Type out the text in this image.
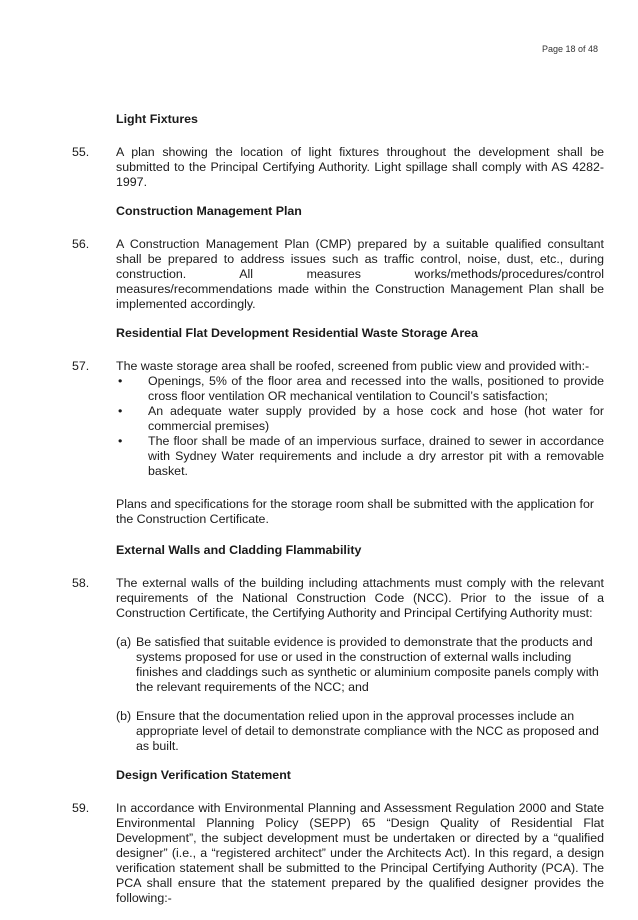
Page 18 of 48
Light Fixtures
55.	A plan showing the location of light fixtures throughout the development shall be submitted to the Principal Certifying Authority. Light spillage shall comply with AS 4282-1997.

Construction Management Plan
56.	A Construction Management Plan (CMP) prepared by a suitable qualified consultant shall be prepared to address issues such as traffic control, noise, dust, etc., during construction. All measures works/methods/procedures/control measures/recommendations made within the Construction Management Plan shall be implemented accordingly.

Residential Flat Development Residential Waste Storage Area
57.	The waste storage area shall be roofed, screened from public view and provided with:-

•	Openings, 5% of the floor area and recessed into the walls, positioned to provide cross floor ventilation OR mechanical ventilation to Council’s satisfaction;
•	An adequate water supply provided by a hose cock and hose (hot water for commercial premises)
•	The floor shall be made of an impervious surface, drained to sewer in accordance with Sydney Water requirements and include a dry arrestor pit with a removable basket.
Plans and specifications for the storage room shall be submitted with the application for the Construction Certificate.
External Walls and Cladding Flammability
58.	The external walls of the building including attachments must comply with the relevant requirements of the National Construction Code (NCC). Prior to the issue of a Construction Certificate, the Certifying Authority and Principal Certifying Authority must:

(a) Be satisfied that suitable evidence is provided to demonstrate that the products and systems proposed for use or used in the construction of external walls including finishes and claddings such as synthetic or aluminium composite panels comply with the relevant requirements of the NCC; and
(b) Ensure that the documentation relied upon in the approval processes include an appropriate level of detail to demonstrate compliance with the NCC as proposed and as built.
Design Verification Statement
59.	In accordance with Environmental Planning and Assessment Regulation 2000 and State Environmental Planning Policy (SEPP) 65 “Design Quality of Residential Flat Development”, the subject development must be undertaken or directed by a “qualified designer” (i.e., a “registered architect” under the Architects Act). In this regard, a design verification statement shall be submitted to the Principal Certifying Authority (PCA). The PCA shall ensure that the statement prepared by the qualified designer provides the following:-
